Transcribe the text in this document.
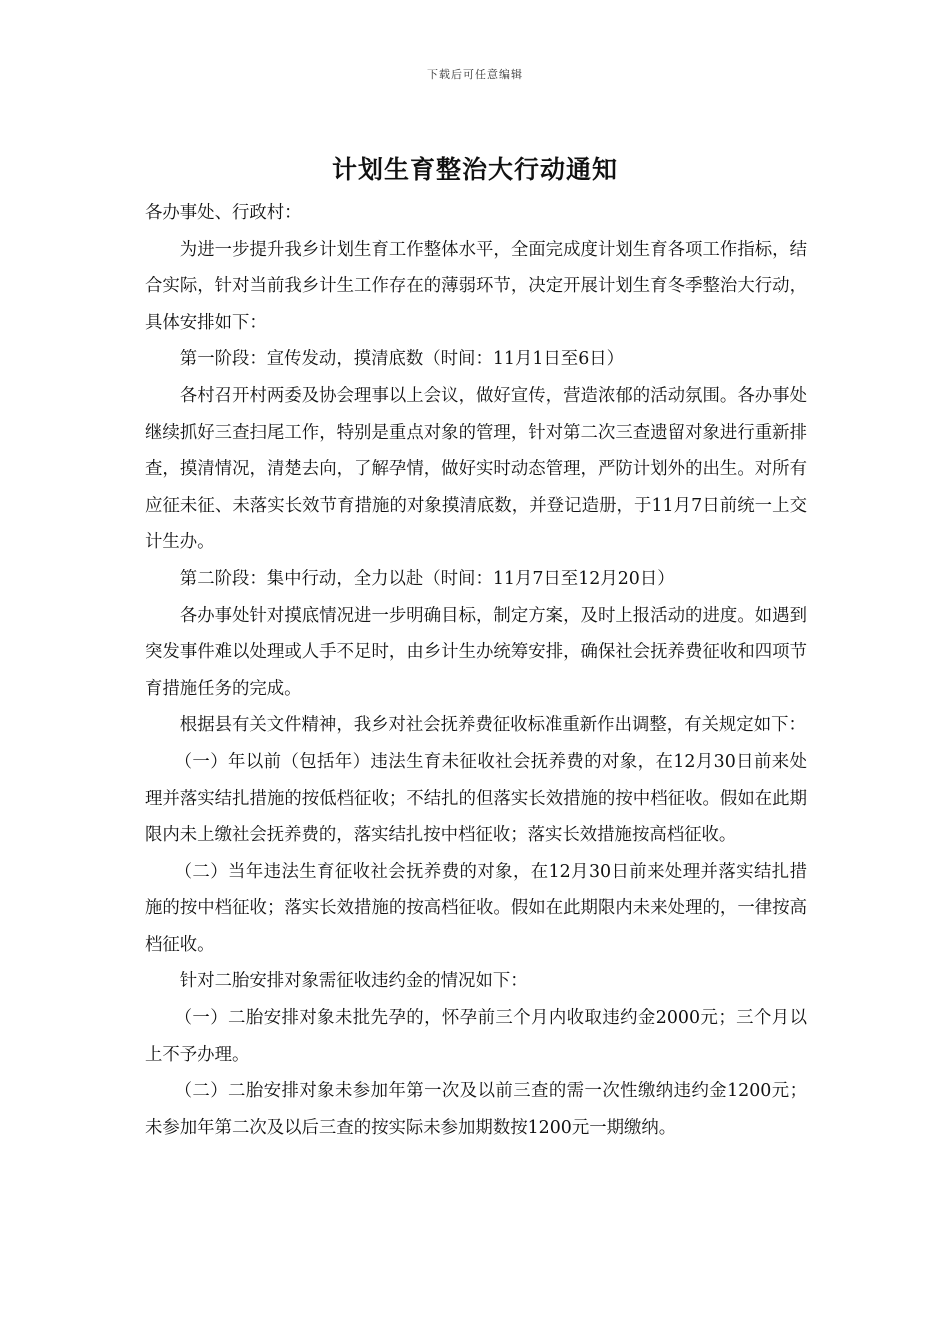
下载后可任意编辑
计划生育整治大行动通知

各办事处、行政村：

为进一步提升我乡计划生育工作整体水平，全面完成度计划生育各项工作指标，结合实际，针对当前我乡计生工作存在的薄弱环节，决定开展计划生育冬季整治大行动，具体安排如下：

第一阶段：宣传发动，摸清底数（时间：11月1日至6日）

各村召开村两委及协会理事以上会议，做好宣传，营造浓郁的活动氛围。各办事处继续抓好三查扫尾工作，特别是重点对象的管理，针对第二次三查遗留对象进行重新排查，摸清情况，清楚去向，了解孕情，做好实时动态管理，严防计划外的出生。对所有应征未征、未落实长效节育措施的对象摸清底数，并登记造册，于11月7日前统一上交计生办。

第二阶段：集中行动，全力以赴（时间：11月7日至12月20日）

各办事处针对摸底情况进一步明确目标，制定方案，及时上报活动的进度。如遇到突发事件难以处理或人手不足时，由乡计生办统筹安排，确保社会抚养费征收和四项节育措施任务的完成。

根据县有关文件精神，我乡对社会抚养费征收标准重新作出调整，有关规定如下：

（一）年以前（包括年）违法生育未征收社会抚养费的对象，在12月30日前来处理并落实结扎措施的按低档征收；不结扎的但落实长效措施的按中档征收。假如在此期限内未上缴社会抚养费的，落实结扎按中档征收；落实长效措施按高档征收。

（二）当年违法生育征收社会抚养费的对象，在12月30日前来处理并落实结扎措施的按中档征收；落实长效措施的按高档征收。假如在此期限内未来处理的，一律按高档征收。

针对二胎安排对象需征收违约金的情况如下：

（一）二胎安排对象未批先孕的，怀孕前三个月内收取违约金2000元；三个月以上不予办理。

（二）二胎安排对象未参加年第一次及以前三查的需一次性缴纳违约金1200元；未参加年第二次及以后三查的按实际未参加期数按1200元一期缴纳。
